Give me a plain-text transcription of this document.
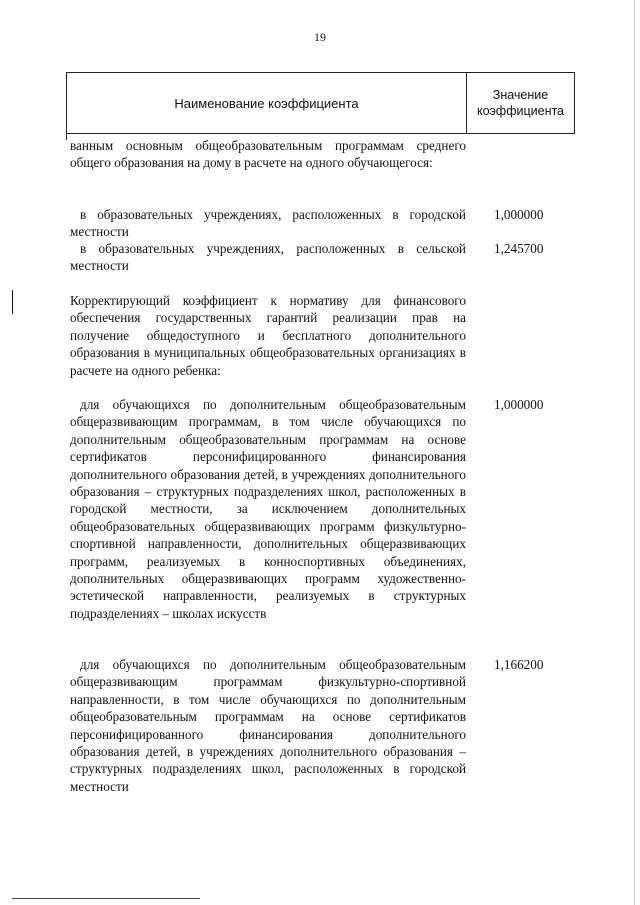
19
Наименование коэффициента
Значение
коэффициента
ванным основным общеобразовательным программам среднего общего образования на дому в расчете на одного обучающегося:
в образовательных учреждениях, расположенных в городской местности
1,000000
в образовательных учреждениях, расположенных в сельской местности
1,245700
Корректирующий коэффициент к нормативу для финансового обеспечения государственных гарантий реализации прав на получение общедоступного и бесплатного дополнительного образования в муниципальных общеобразовательных организациях в расчете на одного ребенка:
для обучающихся по дополнительным общеобразовательным общеразвивающим программам, в том числе обучающихся по дополнительным общеобразовательным программам на основе сертификатов персонифицированного финансирования дополнительного образования детей, в учреждениях дополнительного образования – структурных подразделениях школ, расположенных в городской местности, за исключением дополнительных общеобразовательных общеразвивающих программ физкультурно-спортивной направленности, дополнительных общеразвивающих программ, реализуемых в конноспортивных объединениях, дополнительных общеразвивающих программ художественно-эстетической направленности, реализуемых в структурных подразделениях – школах искусств
1,000000
для обучающихся по дополнительным общеобразовательным общеразвивающим программам физкультурно-спортивной направленности, в том числе обучающихся по дополнительным общеобразовательным программам на основе сертификатов персонифицированного финансирования дополнительного образования детей, в учреждениях дополнительного образования – структурных подразделениях школ, расположенных в городской местности
1,166200
